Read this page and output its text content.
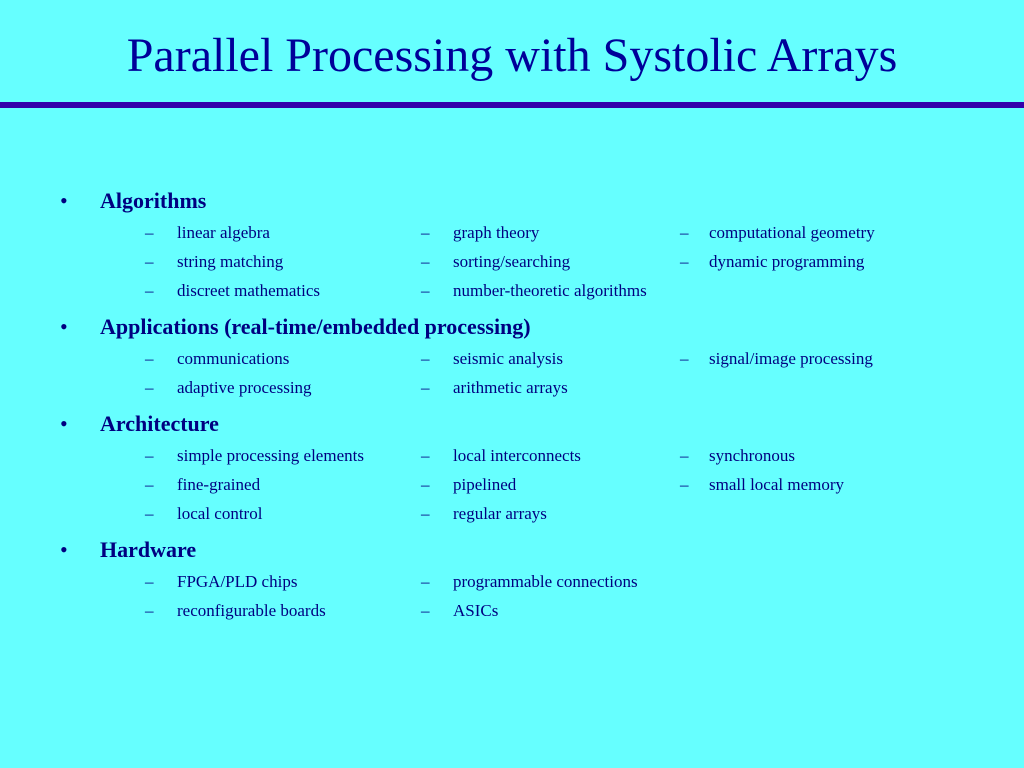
Parallel Processing with Systolic Arrays
• Algorithms
– linear algebra	– graph theory	– computational geometry
– string matching	– sorting/searching	– dynamic programming
– discreet mathematics	– number-theoretic algorithms
• Applications (real-time/embedded processing)
– communications	– seismic analysis	– signal/image processing
– adaptive processing	– arithmetic arrays
• Architecture
– simple processing elements	– local interconnects	– synchronous
– fine-grained	– pipelined	– small local memory
– local control	– regular arrays
• Hardware
– FPGA/PLD chips	– programmable connections
– reconfigurable boards	– ASICs
